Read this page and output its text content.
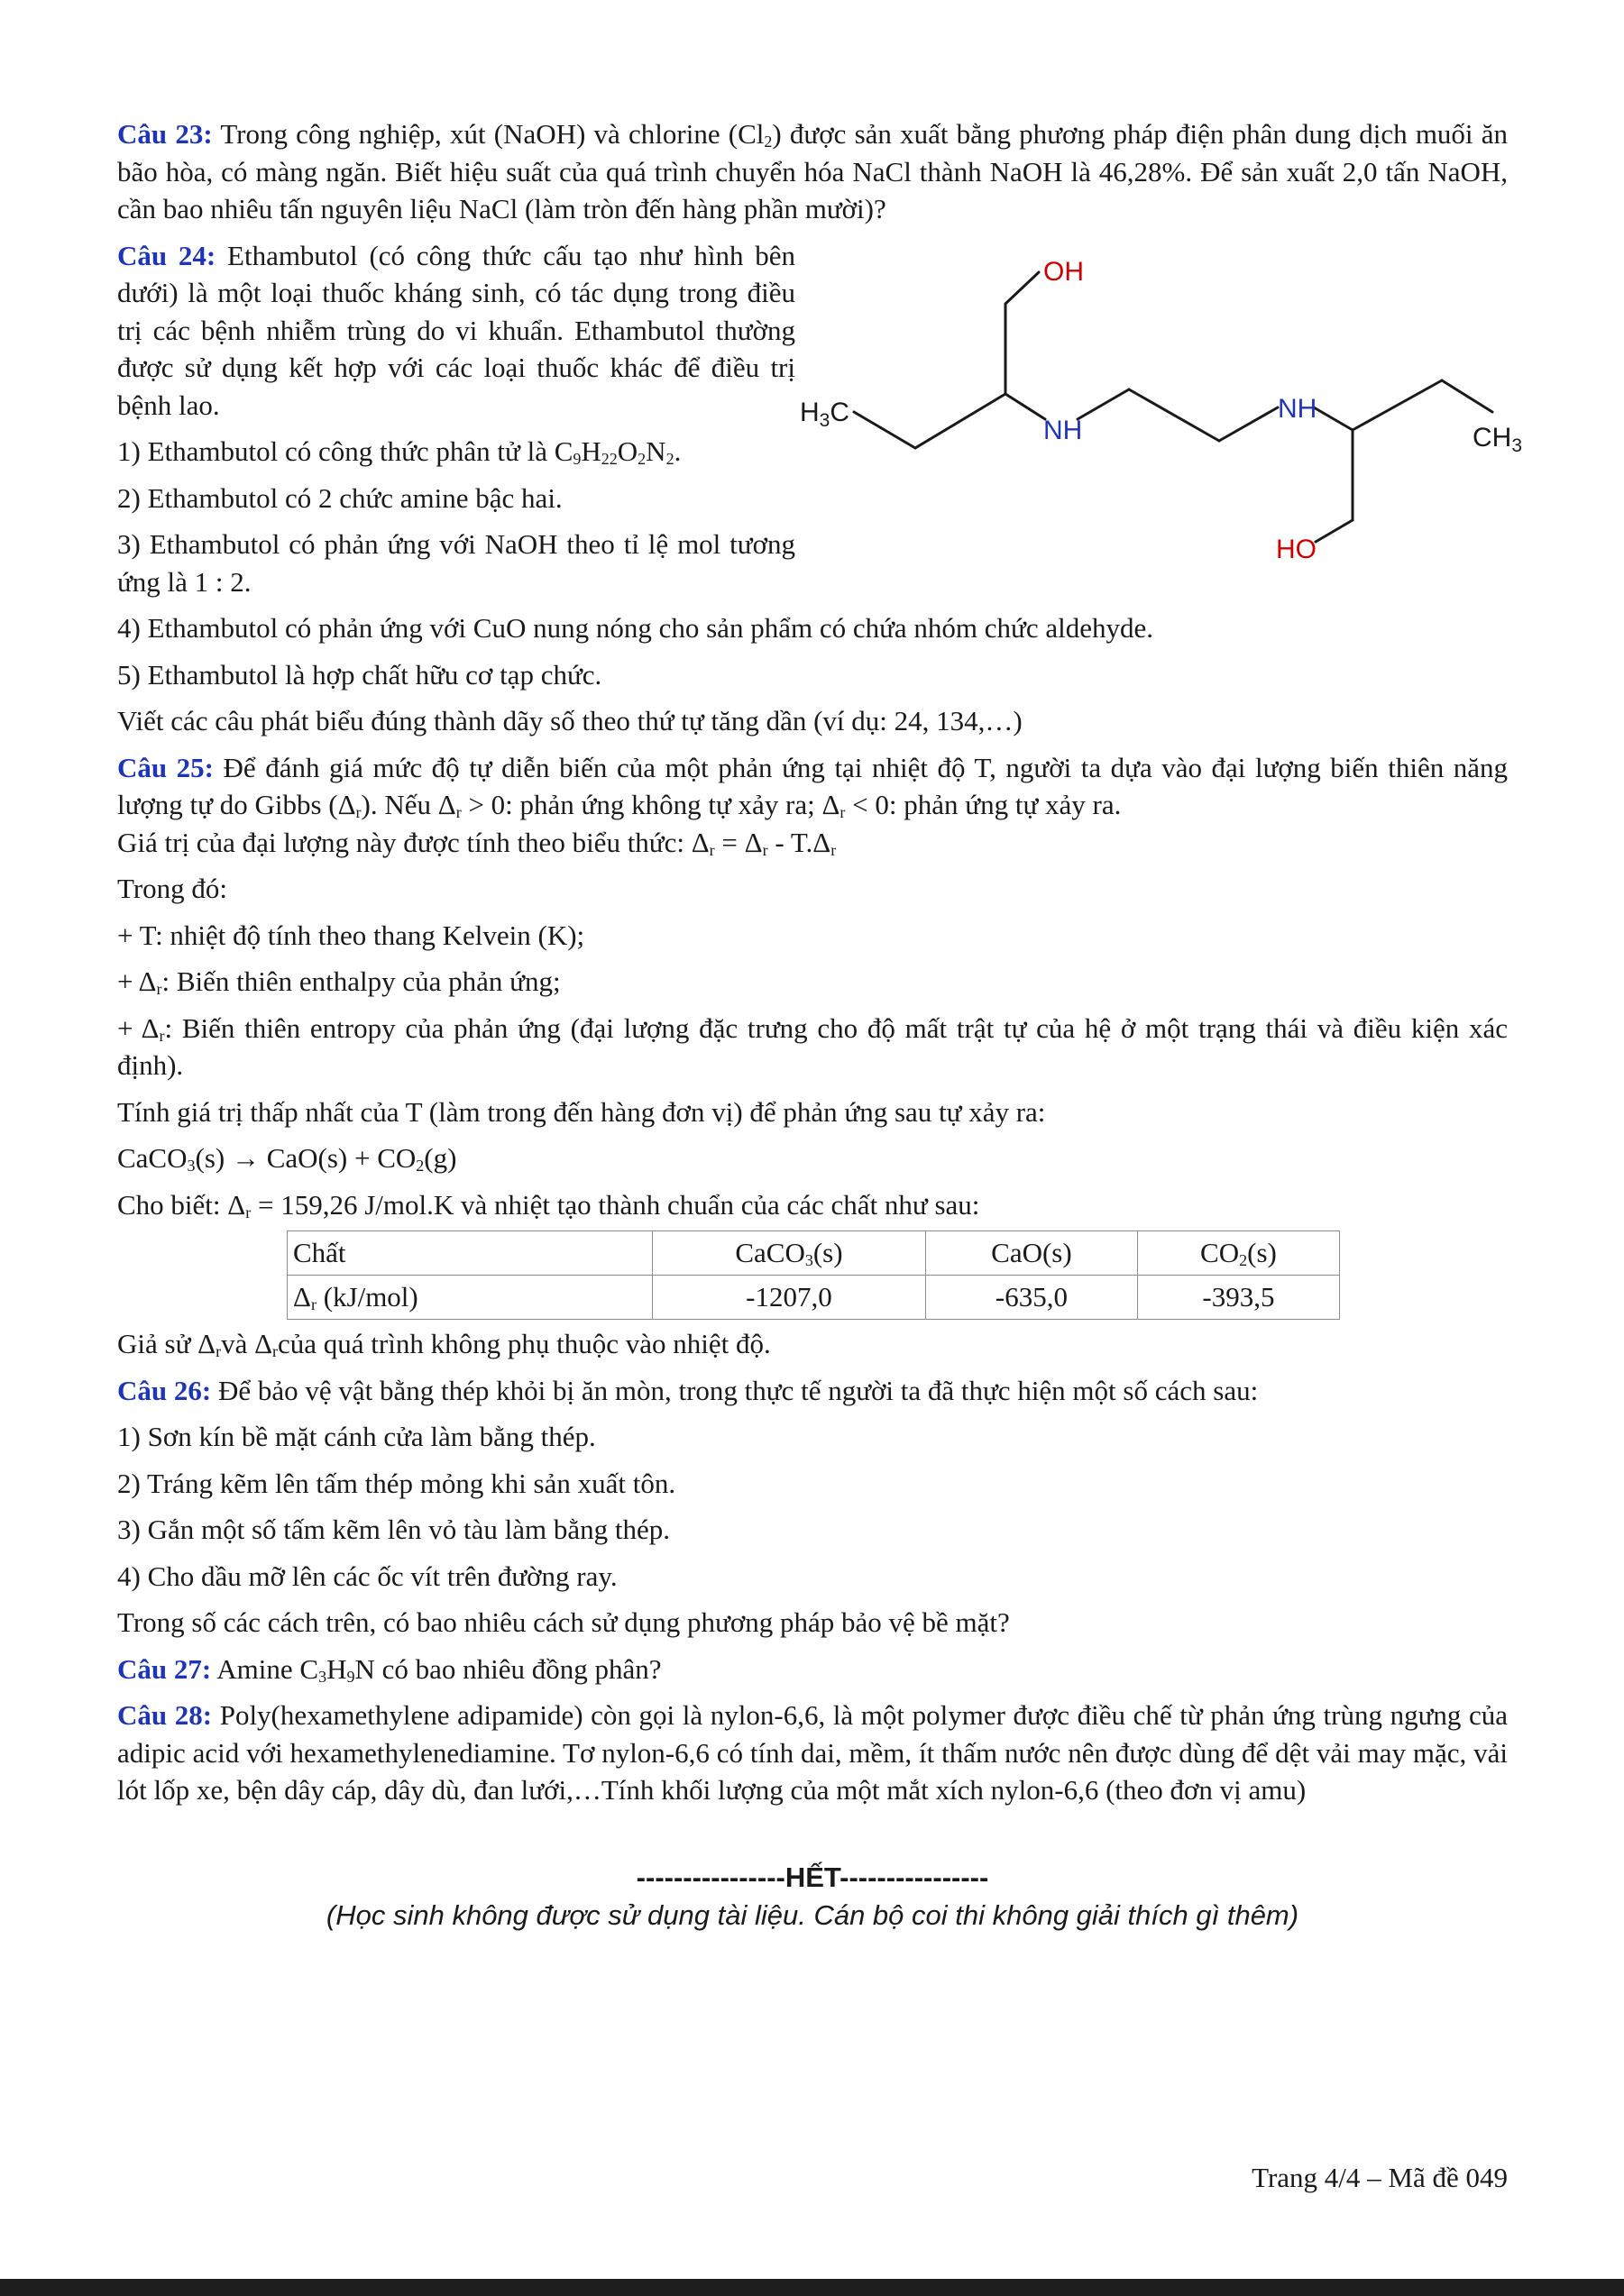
Câu 23: Trong công nghiệp, xút (NaOH) và chlorine $(Cl_2)$ được sản xuất bằng phương pháp điện phân dung dịch muối ăn bão hòa, có màng ngăn. Biết hiệu suất của quá trình chuyển hóa NaCl thành NaOH là 46,28%. Để sản xuất 2,0 tấn NaOH, cần bao nhiêu tấn nguyên liệu NaCl (làm tròn đến hàng phần mười)?

Câu 24: Ethambutol (có công thức cấu tạo như hình bên dưới) là một loại thuốc kháng sinh, có tác dụng trong điều trị các bệnh nhiễm trùng do vi khuẩn. Ethambutol thường được sử dụng kết hợp với các loại thuốc khác để điều trị bệnh lao.

1) Ethambutol có công thức phân tử là $C_9H_{22}O_2N_2$.

2) Ethambutol có 2 chức amine bậc hai.

3) Ethambutol có phản ứng với NaOH theo tỉ lệ mol tương ứng là 1 : 2.

OH
$H_3C$
NH
NH
$CH_3$
HO

4) Ethambutol có phản ứng với CuO nung nóng cho sản phẩm có chứa nhóm chức aldehyde.

5) Ethambutol là hợp chất hữu cơ tạp chức.

Viết các câu phát biểu đúng thành dãy số theo thứ tự tăng dần (ví dụ: 24, 134,…)

Câu 25: Để đánh giá mức độ tự diễn biến của một phản ứng tại nhiệt độ T, người ta dựa vào đại lượng biến thiên năng lượng tự do Gibbs $(\Delta_r)$. Nếu $\Delta_r > 0$: phản ứng không tự xảy ra; $\Delta_r < 0$: phản ứng tự xảy ra.

Giá trị của đại lượng này được tính theo biểu thức: $\Delta_r = \Delta_r - T.\Delta_r$

Trong đó:

+ T: nhiệt độ tính theo thang Kelvein (K);

+ $\Delta_r$: Biến thiên enthalpy của phản ứng;

+ $\Delta_r$: Biến thiên entropy của phản ứng (đại lượng đặc trưng cho độ mất trật tự của hệ ở một trạng thái và điều kiện xác định).

Tính giá trị thấp nhất của T (làm trong đến hàng đơn vị) để phản ứng sau tự xảy ra:

CaCO$_3$(s) → $CaO(s) + CO_2(g)$

Cho biết: $\Delta_r = 159,26$ J/mol.K và nhiệt tạo thành chuẩn của các chất như sau:

Chất	CaCO$_3$(s)	CaO(s)	$CO_2(s)$
$\Delta_r$ (kJ/mol)	-1207,0	-635,0	-393,5

Giả sử $\Delta_rvà$ $\Delta_rcủa$ quá trình không phụ thuộc vào nhiệt độ.

Câu 26: Để bảo vệ vật bằng thép khỏi bị ăn mòn, trong thực tế người ta đã thực hiện một số cách sau:

1) Sơn kín bề mặt cánh cửa làm bằng thép.

2) Tráng kẽm lên tấm thép mỏng khi sản xuất tôn.

3) Gắn một số tấm kẽm lên vỏ tàu làm bằng thép.

4) Cho dầu mỡ lên các ốc vít trên đường ray.

Trong số các cách trên, có bao nhiêu cách sử dụng phương pháp bảo vệ bề mặt?

Câu 27: Amine $C_3H_9N$ có bao nhiêu đồng phân?

Câu 28: Poly(hexamethylene adipamide) còn gọi là nylon-6,6, là một polymer được điều chế từ phản ứng trùng ngưng của adipic acid với hexamethylenediamine. Tơ nylon-6,6 có tính dai, mềm, ít thấm nước nên được dùng để dệt vải may mặc, vải lót lốp xe, bện dây cáp, dây dù, đan lưới,…Tính khối lượng của một mắt xích nylon-6,6 (theo đơn vị amu)

----------------HẾT----------------
(Học sinh không được sử dụng tài liệu. Cán bộ coi thi không giải thích gì thêm)
Trang 4/4 – Mã đề 049
